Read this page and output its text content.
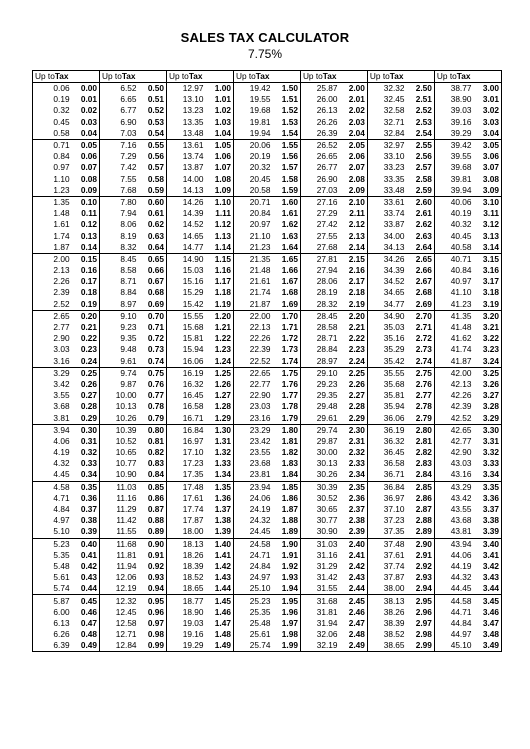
SALES TAX CALCULATOR
7.75%
Up toTax		Up toTax		Up toTax		Up toTax		Up toTax		Up toTax		Up toTax	
0.06	0.00	6.52	0.50	12.97	1.00	19.42	1.50	25.87	2.00	32.32	2.50	38.77	3.00
0.19	0.01	6.65	0.51	13.10	1.01	19.55	1.51	26.00	2.01	32.45	2.51	38.90	3.01
0.32	0.02	6.77	0.52	13.23	1.02	19.68	1.52	26.13	2.02	32.58	2.52	39.03	3.02
0.45	0.03	6.90	0.53	13.35	1.03	19.81	1.53	26.26	2.03	32.71	2.53	39.16	3.03
0.58	0.04	7.03	0.54	13.48	1.04	19.94	1.54	26.39	2.04	32.84	2.54	39.29	3.04
0.71	0.05	7.16	0.55	13.61	1.05	20.06	1.55	26.52	2.05	32.97	2.55	39.42	3.05
0.84	0.06	7.29	0.56	13.74	1.06	20.19	1.56	26.65	2.06	33.10	2.56	39.55	3.06
0.97	0.07	7.42	0.57	13.87	1.07	20.32	1.57	26.77	2.07	33.23	2.57	39.68	3.07
1.10	0.08	7.55	0.58	14.00	1.08	20.45	1.58	26.90	2.08	33.35	2.58	39.81	3.08
1.23	0.09	7.68	0.59	14.13	1.09	20.58	1.59	27.03	2.09	33.48	2.59	39.94	3.09
1.35	0.10	7.80	0.60	14.26	1.10	20.71	1.60	27.16	2.10	33.61	2.60	40.06	3.10
1.48	0.11	7.94	0.61	14.39	1.11	20.84	1.61	27.29	2.11	33.74	2.61	40.19	3.11
1.61	0.12	8.06	0.62	14.52	1.12	20.97	1.62	27.42	2.12	33.87	2.62	40.32	3.12
1.74	0.13	8.19	0.63	14.65	1.13	21.10	1.63	27.55	2.13	34.00	2.63	40.45	3.13
1.87	0.14	8.32	0.64	14.77	1.14	21.23	1.64	27.68	2.14	34.13	2.64	40.58	3.14
2.00	0.15	8.45	0.65	14.90	1.15	21.35	1.65	27.81	2.15	34.26	2.65	40.71	3.15
2.13	0.16	8.58	0.66	15.03	1.16	21.48	1.66	27.94	2.16	34.39	2.66	40.84	3.16
2.26	0.17	8.71	0.67	15.16	1.17	21.61	1.67	28.06	2.17	34.52	2.67	40.97	3.17
2.39	0.18	8.84	0.68	15.29	1.18	21.74	1.68	28.19	2.18	34.65	2.68	41.10	3.18
2.52	0.19	8.97	0.69	15.42	1.19	21.87	1.69	28.32	2.19	34.77	2.69	41.23	3.19
2.65	0.20	9.10	0.70	15.55	1.20	22.00	1.70	28.45	2.20	34.90	2.70	41.35	3.20
2.77	0.21	9.23	0.71	15.68	1.21	22.13	1.71	28.58	2.21	35.03	2.71	41.48	3.21
2.90	0.22	9.35	0.72	15.81	1.22	22.26	1.72	28.71	2.22	35.16	2.72	41.62	3.22
3.03	0.23	9.48	0.73	15.94	1.23	22.39	1.73	28.84	2.23	35.29	2.73	41.74	3.23
3.16	0.24	9.61	0.74	16.06	1.24	22.52	1.74	28.97	2.24	35.42	2.74	41.87	3.24
3.29	0.25	9.74	0.75	16.19	1.25	22.65	1.75	29.10	2.25	35.55	2.75	42.00	3.25
3.42	0.26	9.87	0.76	16.32	1.26	22.77	1.76	29.23	2.26	35.68	2.76	42.13	3.26
3.55	0.27	10.00	0.77	16.45	1.27	22.90	1.77	29.35	2.27	35.81	2.77	42.26	3.27
3.68	0.28	10.13	0.78	16.58	1.28	23.03	1.78	29.48	2.28	35.94	2.78	42.39	3.28
3.81	0.29	10.26	0.79	16.71	1.29	23.16	1.79	29.61	2.29	36.06	2.79	42.52	3.29
3.94	0.30	10.39	0.80	16.84	1.30	23.29	1.80	29.74	2.30	36.19	2.80	42.65	3.30
4.06	0.31	10.52	0.81	16.97	1.31	23.42	1.81	29.87	2.31	36.32	2.81	42.77	3.31
4.19	0.32	10.65	0.82	17.10	1.32	23.55	1.82	30.00	2.32	36.45	2.82	42.90	3.32
4.32	0.33	10.77	0.83	17.23	1.33	23.68	1.83	30.13	2.33	36.58	2.83	43.03	3.33
4.45	0.34	10.90	0.84	17.35	1.34	23.81	1.84	30.26	2.34	36.71	2.84	43.16	3.34
4.58	0.35	11.03	0.85	17.48	1.35	23.94	1.85	30.39	2.35	36.84	2.85	43.29	3.35
4.71	0.36	11.16	0.86	17.61	1.36	24.06	1.86	30.52	2.36	36.97	2.86	43.42	3.36
4.84	0.37	11.29	0.87	17.74	1.37	24.19	1.87	30.65	2.37	37.10	2.87	43.55	3.37
4.97	0.38	11.42	0.88	17.87	1.38	24.32	1.88	30.77	2.38	37.23	2.88	43.68	3.38
5.10	0.39	11.55	0.89	18.00	1.39	24.45	1.89	30.90	2.39	37.35	2.89	43.81	3.39
5.23	0.40	11.68	0.90	18.13	1.40	24.58	1.90	31.03	2.40	37.48	2.90	43.94	3.40
5.35	0.41	11.81	0.91	18.26	1.41	24.71	1.91	31.16	2.41	37.61	2.91	44.06	3.41
5.48	0.42	11.94	0.92	18.39	1.42	24.84	1.92	31.29	2.42	37.74	2.92	44.19	3.42
5.61	0.43	12.06	0.93	18.52	1.43	24.97	1.93	31.42	2.43	37.87	2.93	44.32	3.43
5.74	0.44	12.19	0.94	18.65	1.44	25.10	1.94	31.55	2.44	38.00	2.94	44.45	3.44
5.87	0.45	12.32	0.95	18.77	1.45	25.23	1.95	31.68	2.45	38.13	2.95	44.58	3.45
6.00	0.46	12.45	0.96	18.90	1.46	25.35	1.96	31.81	2.46	38.26	2.96	44.71	3.46
6.13	0.47	12.58	0.97	19.03	1.47	25.48	1.97	31.94	2.47	38.39	2.97	44.84	3.47
6.26	0.48	12.71	0.98	19.16	1.48	25.61	1.98	32.06	2.48	38.52	2.98	44.97	3.48
6.39	0.49	12.84	0.99	19.29	1.49	25.74	1.99	32.19	2.49	38.65	2.99	45.10	3.49
